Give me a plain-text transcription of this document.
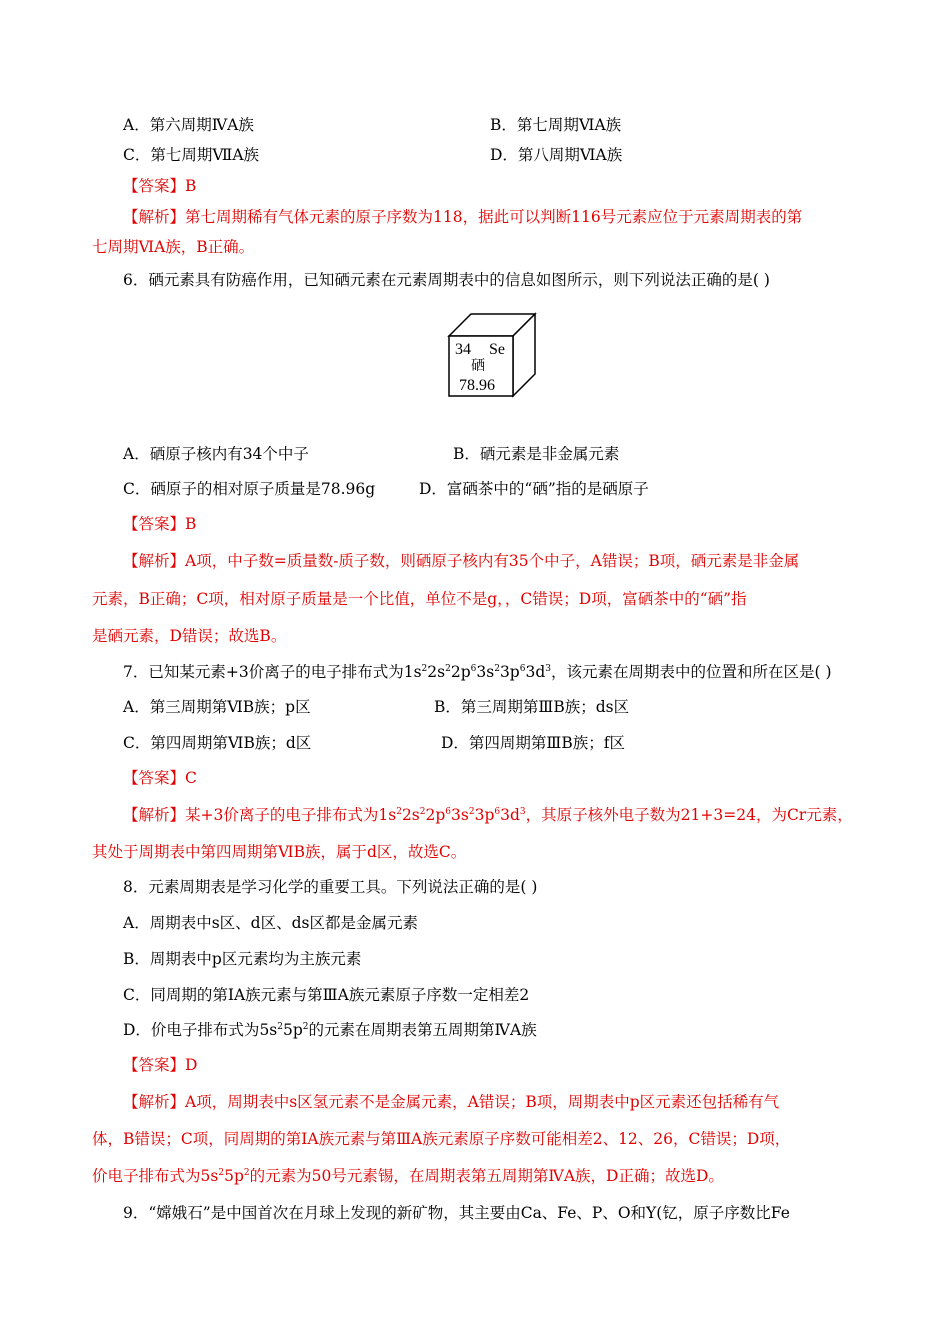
A．第六周期ⅣA族	B．第七周期ⅥA族
C．第七周期ⅦA族	D．第八周期ⅥA族
【答案】B
【解析】第七周期稀有气体元素的原子序数为118，据此可以判断116号元素应位于元素周期表的第
七周期ⅥA族，B正确。
6．硒元素具有防癌作用，已知硒元素在元素周期表中的信息如图所示，则下列说法正确的是( )
34 Se
硒
78.96
A．硒原子核内有34个中子	B．硒元素是非金属元素
C．硒原子的相对原子质量是78.96g	D．富硒茶中的“硒”指的是硒原子
【答案】B
【解析】A项，中子数=质量数-质子数，则硒原子核内有35个中子，A错误；B项，硒元素是非金属
元素，B正确；C项，相对原子质量是一个比值，单位不是g，，C错误；D项，富硒茶中的“硒”指
是硒元素，D错误；故选B。
7．已知某元素+3价离子的电子排布式为$1s^22s^22p^63s^23p^63d^3$，该元素在周期表中的位置和所在区是( )
A．第三周期第ⅥB族；p区	B．第三周期第ⅢB族；ds区
C．第四周期第ⅥB族；d区	D．第四周期第ⅢB族；f区
【答案】C
【解析】某+3价离子的电子排布式为$1s^22s^22p^63s^23p^63d^3$，其原子核外电子数为21+3=24，为Cr元素，
其处于周期表中第四周期第ⅥB族，属于d区，故选C。
8．元素周期表是学习化学的重要工具。下列说法正确的是( )
A．周期表中s区、d区、ds区都是金属元素
B．周期表中p区元素均为主族元素
C．同周期的第ⅠA族元素与第ⅢA族元素原子序数一定相差2
D．价电子排布式为$5s^25p^2$的元素在周期表第五周期第ⅣA族
【答案】D
【解析】A项，周期表中s区氢元素不是金属元素，A错误；B项，周期表中p区元素还包括稀有气
体，B错误；C项，同周期的第ⅠA族元素与第ⅢA族元素原子序数可能相差2、12、26，C错误；D项，
价电子排布式为$5s^25p^2$的元素为50号元素锡，在周期表第五周期第ⅣA族，D正确；故选D。
9．“嫦娥石”是中国首次在月球上发现的新矿物，其主要由Ca、Fe、P、O和Y(钇，原子序数比Fe
